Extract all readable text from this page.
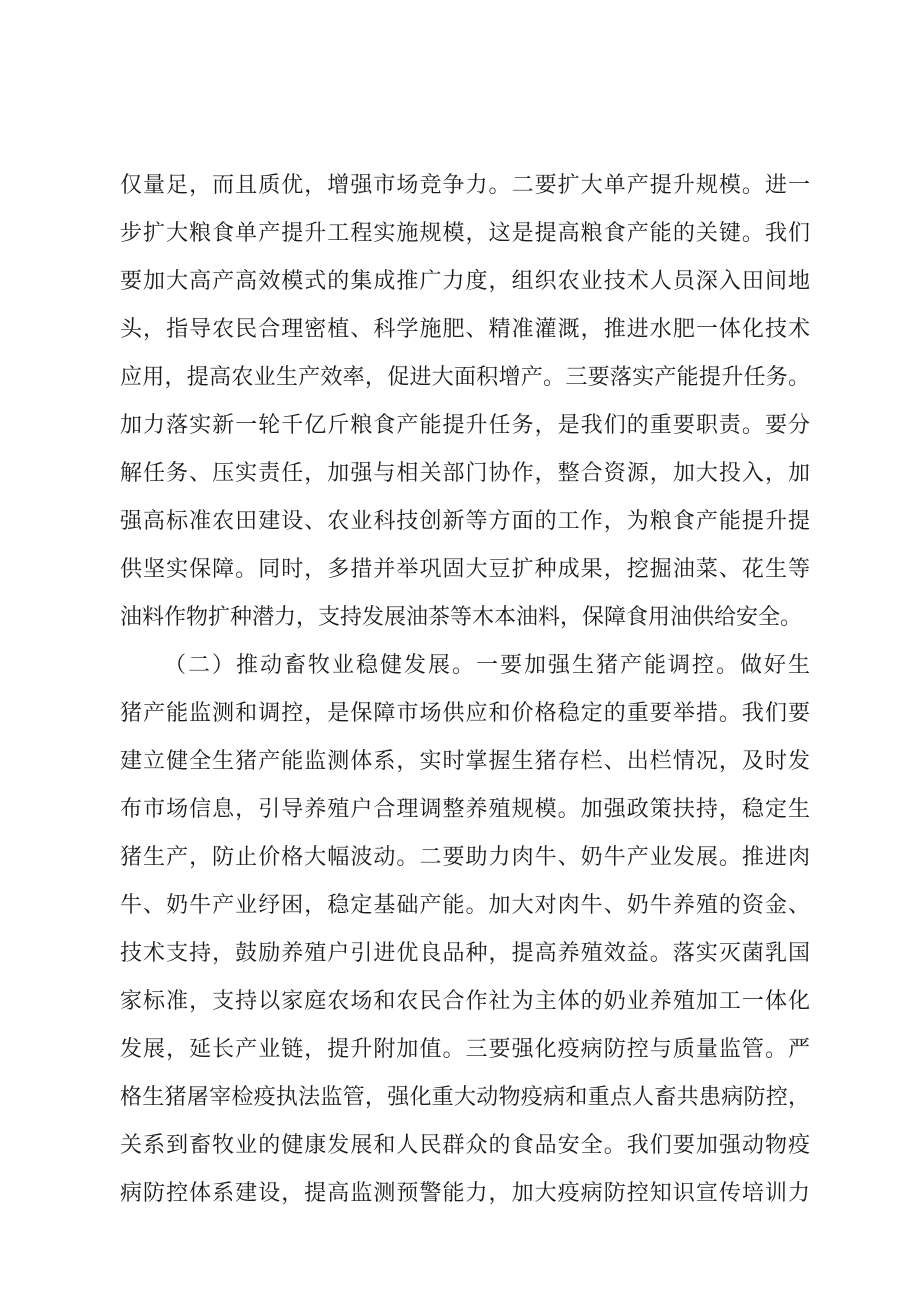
仅量足，而且质优，增强市场竞争力。二要扩大单产提升规模。进一
步扩大粮食单产提升工程实施规模，这是提高粮食产能的关键。我们
要加大高产高效模式的集成推广力度，组织农业技术人员深入田间地
头，指导农民合理密植、科学施肥、精准灌溉，推进水肥一体化技术
应用，提高农业生产效率，促进大面积增产。三要落实产能提升任务。
加力落实新一轮千亿斤粮食产能提升任务，是我们的重要职责。要分
解任务、压实责任，加强与相关部门协作，整合资源，加大投入，加
强高标准农田建设、农业科技创新等方面的工作，为粮食产能提升提
供坚实保障。同时，多措并举巩固大豆扩种成果，挖掘油菜、花生等
油料作物扩种潜力，支持发展油茶等木本油料，保障食用油供给安全。
（二）推动畜牧业稳健发展。一要加强生猪产能调控。做好生
猪产能监测和调控，是保障市场供应和价格稳定的重要举措。我们要
建立健全生猪产能监测体系，实时掌握生猪存栏、出栏情况，及时发
布市场信息，引导养殖户合理调整养殖规模。加强政策扶持，稳定生
猪生产，防止价格大幅波动。二要助力肉牛、奶牛产业发展。推进肉
牛、奶牛产业纾困，稳定基础产能。加大对肉牛、奶牛养殖的资金、
技术支持，鼓励养殖户引进优良品种，提高养殖效益。落实灭菌乳国
家标准，支持以家庭农场和农民合作社为主体的奶业养殖加工一体化
发展，延长产业链，提升附加值。三要强化疫病防控与质量监管。严
格生猪屠宰检疫执法监管，强化重大动物疫病和重点人畜共患病防控，
关系到畜牧业的健康发展和人民群众的食品安全。我们要加强动物疫
病防控体系建设，提高监测预警能力，加大疫病防控知识宣传培训力
